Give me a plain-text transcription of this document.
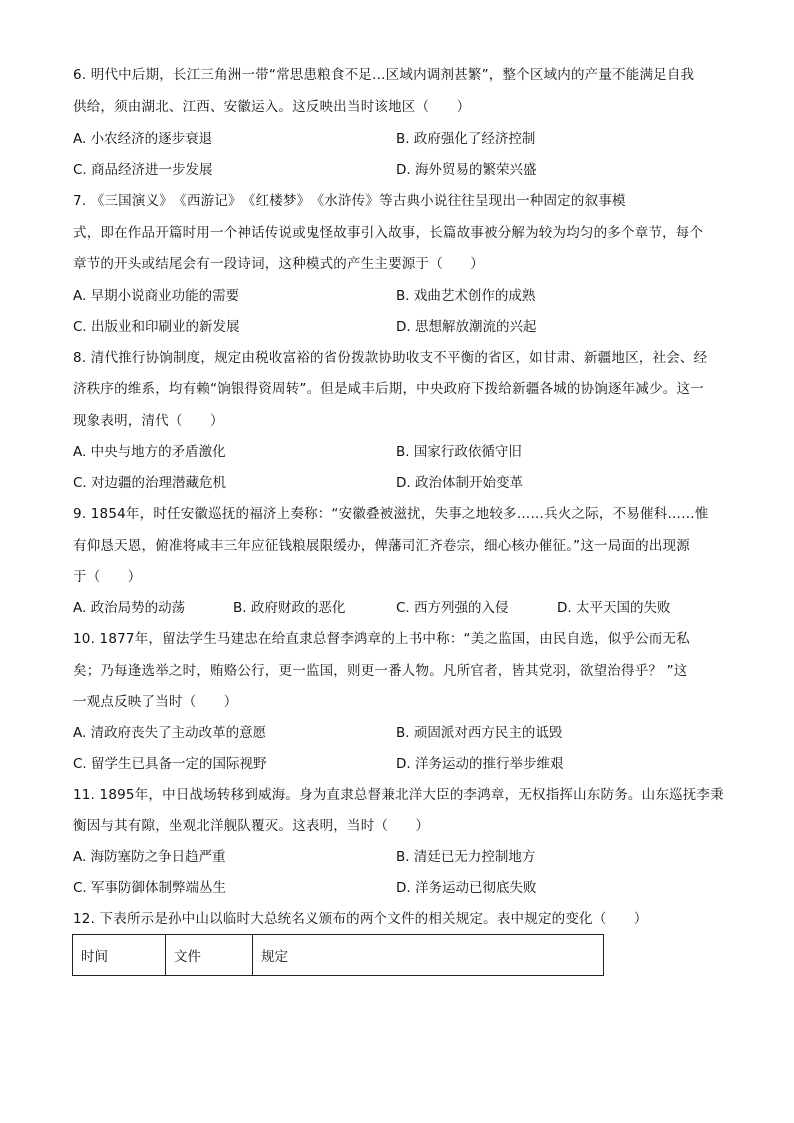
6. 明代中后期，长江三角洲一带“常思患粮食不足…区域内调剂甚繁”，整个区域内的产量不能满足自我
供给，须由湖北、江西、安徽运入。这反映出当时该地区（　　）
A. 小农经济的逐步衰退	B. 政府强化了经济控制
C. 商品经济进一步发展	D. 海外贸易的繁荣兴盛
7. 《三国演义》　《西游记》　《红楼梦》　《水浒传》等古典小说往往呈现出一种固定的叙事模
式，即在作品开篇时用一个神话传说或鬼怪故事引入故事，长篇故事被分解为较为均匀的多个章节，每个
章节的开头或结尾会有一段诗词，这种模式的产生主要源于（　　）
A. 早期小说商业功能的需要	B. 戏曲艺术创作的成熟
C. 出版业和印刷业的新发展	D. 思想解放潮流的兴起
8. 清代推行协饷制度，规定由税收富裕的省份拨款协助收支不平衡的省区，如甘肃、新疆地区，社会、经
济秩序的维系，均有赖“饷银得资周转”。但是咸丰后期，中央政府下拨给新疆各城的协饷逐年减少。这一
现象表明，清代（　　）
A. 中央与地方的矛盾激化	B. 国家行政依循守旧
C. 对边疆的治理潜藏危机	D. 政治体制开始变革
9. 1854年，时任安徽巡抚的福济上奏称：“安徽叠被滋扰，失事之地较多……兵火之际，不易催科……惟
有仰恳天恩，俯准将咸丰三年应征钱粮展限缓办，俾藩司汇齐卷宗，细心核办催征。”这一局面的出现源
于（　　）
A. 政治局势的动荡	B. 政府财政的恶化	C. 西方列强的入侵	D. 太平天国的失败
10. 1877年，留法学生马建忠在给直隶总督李鸿章的上书中称：“美之监国，由民自选，似乎公而无私
矣；乃每逢选举之时，贿赂公行，更一监国，则更一番人物。凡所官者，皆其党羽，欲望治得乎？ ”这
一观点反映了当时（　　）
A. 清政府丧失了主动改革的意愿	B. 顽固派对西方民主的诋毁
C. 留学生已具备一定的国际视野	D. 洋务运动的推行举步维艰
11. 1895年，中日战场转移到威海。身为直隶总督兼北洋大臣的李鸿章，无权指挥山东防务。山东巡抚李秉
衡因与其有隙，坐观北洋舰队覆灭。这表明，当时（　　）
A. 海防塞防之争日趋严重	B. 清廷已无力控制地方
C. 军事防御体制弊端丛生	D. 洋务运动已彻底失败
12. 下表所示是孙中山以临时大总统名义颁布的两个文件的相关规定。表中规定的变化（　　）
时间	文件	规定
